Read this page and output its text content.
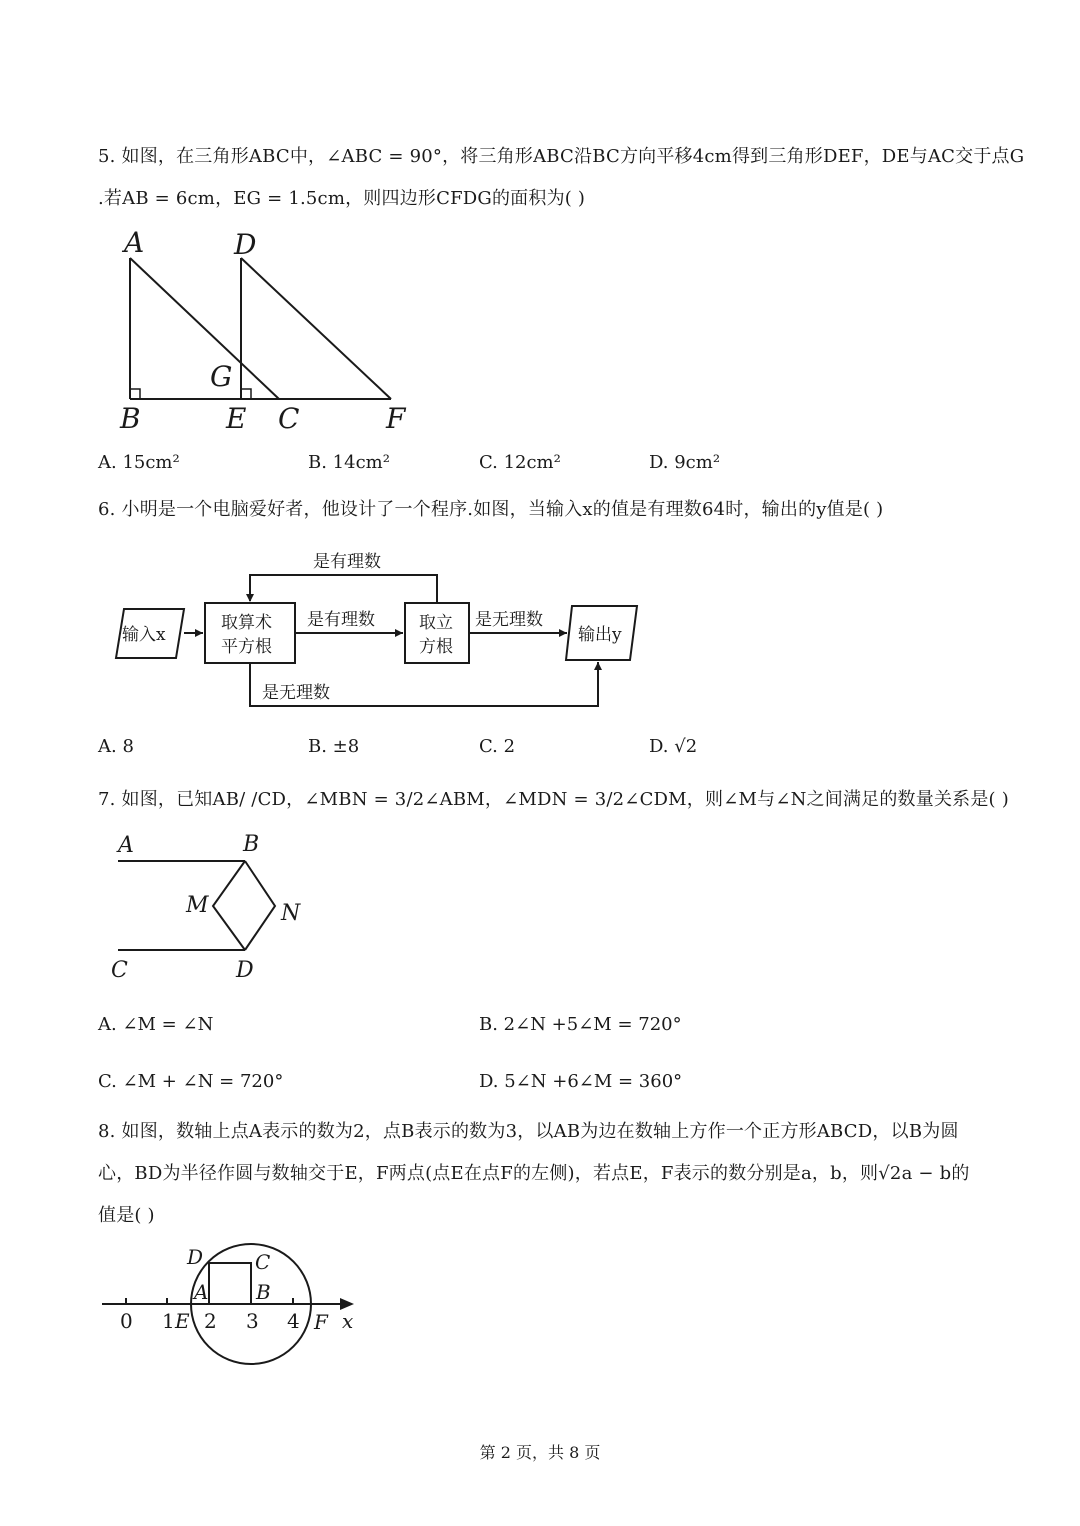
5. 如图，在三角形ABC中，∠ABC = 90°，将三角形ABC沿BC方向平移4cm得到三角形DEF，DE与AC交于点G
.若AB = 6cm，EG = 1.5cm，则四边形CFDG的面积为( )
A	D
G
B	E C	F
输入x
取算术
平方根
取立
方根
输出y
是有理数
是有理数	是无理数
是无理数
A	B
M	N
C	D
D	C
A B
0 1 E 2 3 4 F x
A. 15cm²	B. 14cm²	C. 12cm²	D. 9cm²
6. 小明是一个电脑爱好者，他设计了一个程序.如图，当输入x的值是有理数64时，输出的y值是( )
A. 8	B. ±8	C. 2	D. √2
7. 如图，已知AB/ /CD，∠MBN = 3/2∠ABM，∠MDN = 3/2∠CDM，则∠M与∠N之间满足的数量关系是( )
A. ∠M = ∠N	B. 2∠N +5∠M = 720°
C. ∠M + ∠N = 720°	D. 5∠N +6∠M = 360°
8. 如图，数轴上点A表示的数为2，点B表示的数为3，以AB为边在数轴上方作一个正方形ABCD，以B为圆
心，BD为半径作圆与数轴交于E，F两点(点E在点F的左侧)，若点E，F表示的数分别是a，b，则√2a − b的
值是( )
第 2 页，共 8 页
